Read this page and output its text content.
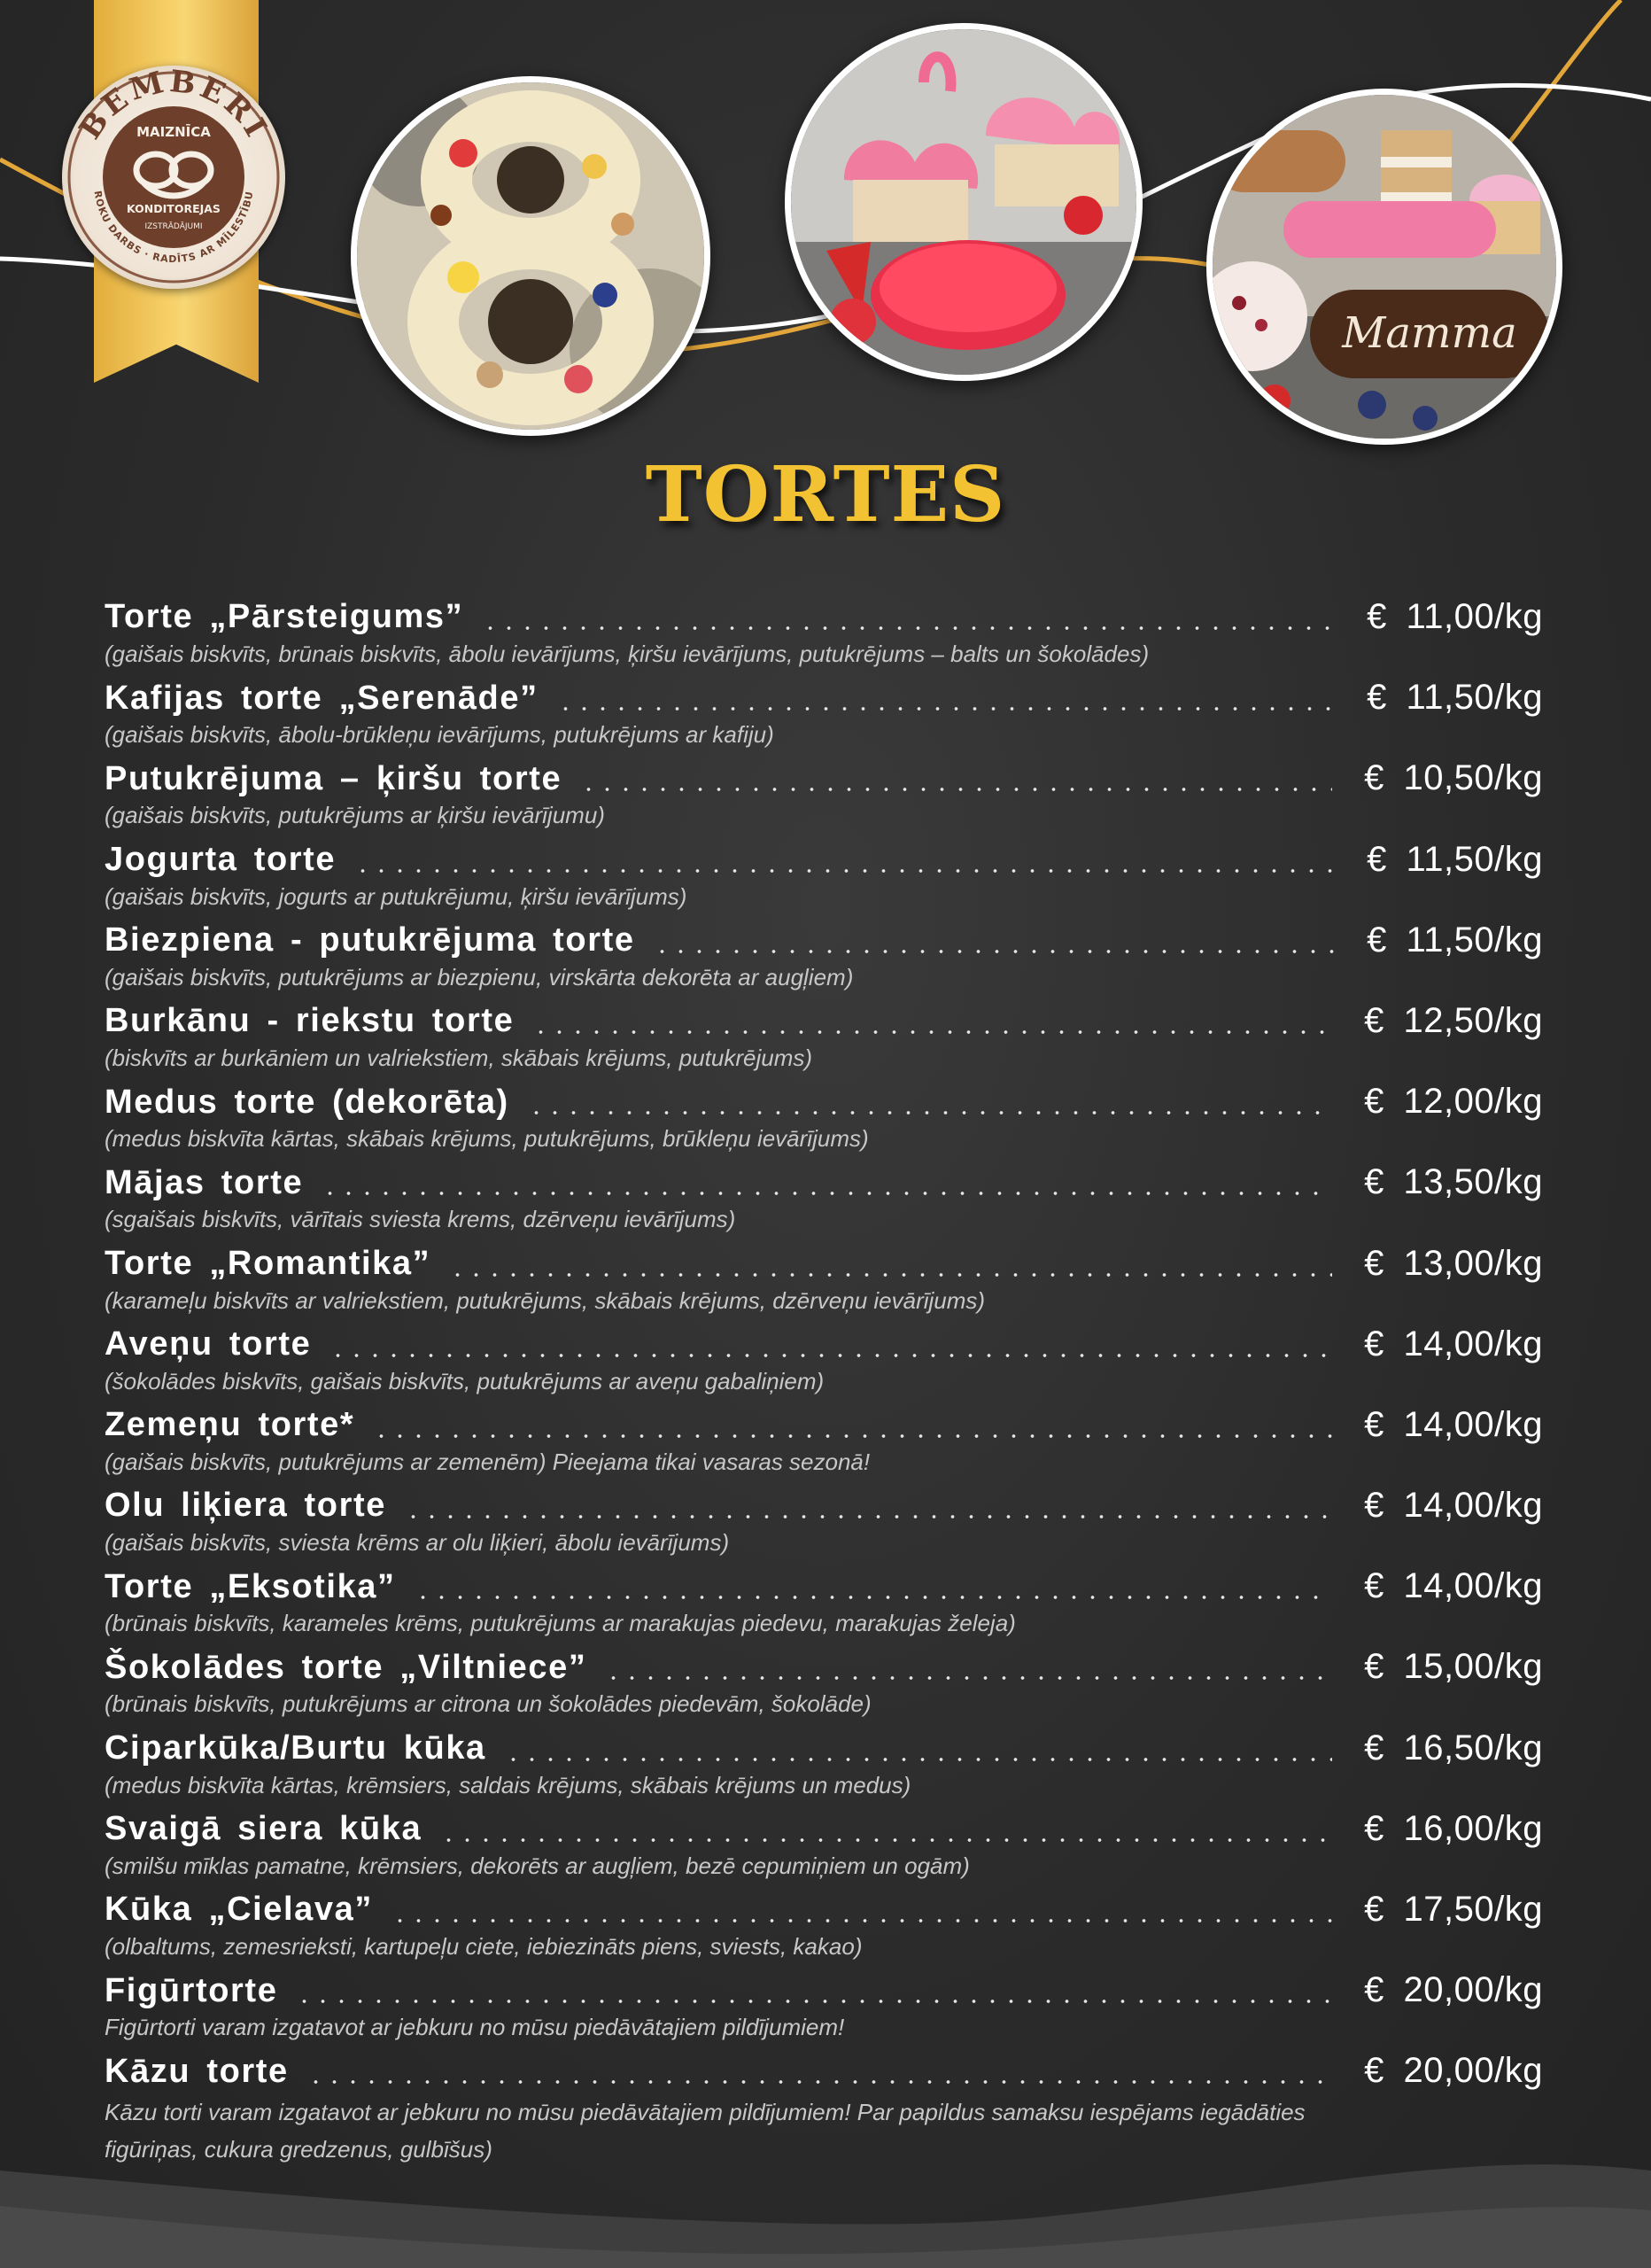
BEMBERI
ROKU DARBS · RADĪTS AR MĪLESTĪBU
MAIZNĪCA
KONDITOREJAS
IZSTRĀDĀJUMI
Mamma
TORTES
Torte „Pārsteigums”	€ 11,00/kg
(gaišais biskvīts, brūnais biskvīts, ābolu ievārījums, ķiršu ievārījums, putukrējums – balts un šokolādes)
Kafijas torte „Serenāde”	€ 11,50/kg
(gaišais biskvīts, ābolu-brūkleņu ievārījums, putukrējums ar kafiju)
Putukrējuma – ķiršu torte	€ 10,50/kg
(gaišais biskvīts, putukrējums ar ķiršu ievārījumu)
Jogurta torte	€ 11,50/kg
(gaišais biskvīts, jogurts ar putukrējumu, ķiršu ievārījums)
Biezpiena - putukrējuma torte	€ 11,50/kg
(gaišais biskvīts, putukrējums ar biezpienu, virskārta dekorēta ar augļiem)
Burkānu - riekstu torte	€ 12,50/kg
(biskvīts ar burkāniem un valriekstiem, skābais krējums, putukrējums)
Medus torte (dekorēta)	€ 12,00/kg
(medus biskvīta kārtas, skābais krējums, putukrējums, brūkleņu ievārījums)
Mājas torte	€ 13,50/kg
(sgaišais biskvīts, vārītais sviesta krems, dzērveņu ievārījums)
Torte „Romantika”	€ 13,00/kg
(karameļu biskvīts ar valriekstiem, putukrējums, skābais krējums, dzērveņu ievārījums)
Aveņu torte	€ 14,00/kg
(šokolādes biskvīts, gaišais biskvīts, putukrējums ar aveņu gabaliņiem)
Zemeņu torte*	€ 14,00/kg
(gaišais biskvīts, putukrējums ar zemenēm) Pieejama tikai vasaras sezonā!
Olu liķiera torte	€ 14,00/kg
(gaišais biskvīts, sviesta krēms ar olu liķieri, ābolu ievārījums)
Torte „Eksotika”	€ 14,00/kg
(brūnais biskvīts, karameles krēms, putukrējums ar marakujas piedevu, marakujas želeja)
Šokolādes torte „Viltniece”	€ 15,00/kg
(brūnais biskvīts, putukrējums ar citrona un šokolādes piedevām, šokolāde)
Ciparkūka/Burtu kūka	€ 16,50/kg
(medus biskvīta kārtas, krēmsiers, saldais krējums, skābais krējums un medus)
Svaigā siera kūka	€ 16,00/kg
(smilšu mīklas pamatne, krēmsiers, dekorēts ar augļiem, bezē cepumiņiem un ogām)
Kūka „Cielava”	€ 17,50/kg
(olbaltums, zemesrieksti, kartupeļu ciete, iebiezināts piens, sviests, kakao)
Figūrtorte	€ 20,00/kg
Figūrtorti varam izgatavot ar jebkuru no mūsu piedāvātajiem pildījumiem!
Kāzu torte	€ 20,00/kg
Kāzu torti varam izgatavot ar jebkuru no mūsu piedāvātajiem pildījumiem! Par papildus samaksu iespējams iegādāties figūriņas, cukura gredzenus, gulbīšus)
